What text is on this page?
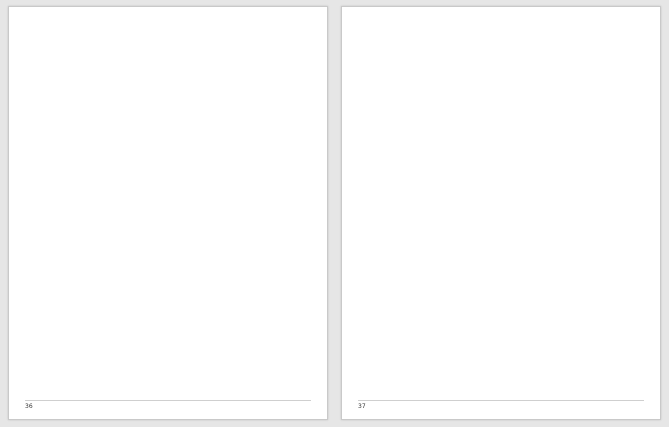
36	37
